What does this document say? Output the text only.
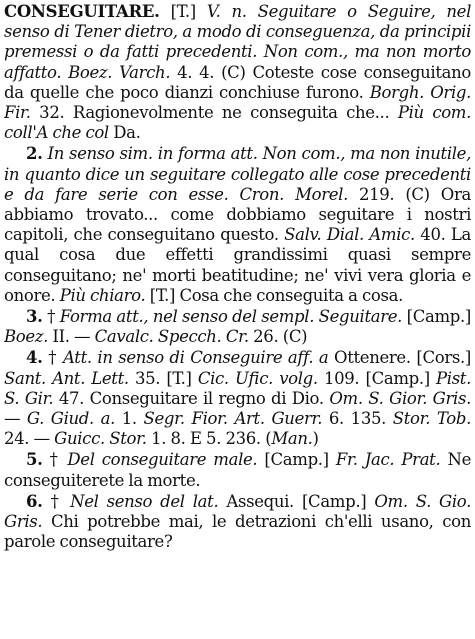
CONSEGUITARE. [T.] V. n. Seguitare o Seguire, nel senso di Tener dietro, a modo di conseguenza, da principii premessi o da fatti precedenti. Non com., ma non morto affatto. Boez. Varch. 4. 4. (C) Coteste cose conseguitano da quelle che poco dianzi conchiuse furono. Borgh. Orig. Fir. 32. Ragionevolmente ne conseguita che... Più com. coll'A che col Da.

2. In senso sim. in forma att. Non com., ma non inutile, in quanto dice un seguitare collegato alle cose precedenti e da fare serie con esse. Cron. Morel. 219. (C) Ora abbiamo trovato... come dobbiamo seguitare i nostri capitoli, che conseguitano questo. Salv. Dial. Amic. 40. La qual cosa due effetti grandissimi quasi sempre conseguitano; ne' morti beatitudine; ne' vivi vera gloria e onore. Più chiaro. [T.] Cosa che conseguita a cosa.

3. † Forma att., nel senso del sempl. Seguitare. [Camp.] Boez. II. — Cavalc. Specch. Cr. 26. (C)

4. † Att. in senso di Conseguire aff. a Ottenere. [Cors.] Sant. Ant. Lett. 35. [T.] Cic. Ufic. volg. 109. [Camp.] Pist. S. Gir. 47. Conseguitare il regno di Dio. Om. S. Gior. Gris. — G. Giud. a. 1. Segr. Fior. Art. Guerr. 6. 135. Stor. Tob. 24. — Guicc. Stor. 1. 8. E 5. 236. (Man.)

5. † Del conseguitare male. [Camp.] Fr. Jac. Prat. Ne conseguiterete la morte.

6. † Nel senso del lat. Assequi. [Camp.] Om. S. Gio. Gris. Chi potrebbe mai, le detrazioni ch'elli usano, con parole conseguitare?
